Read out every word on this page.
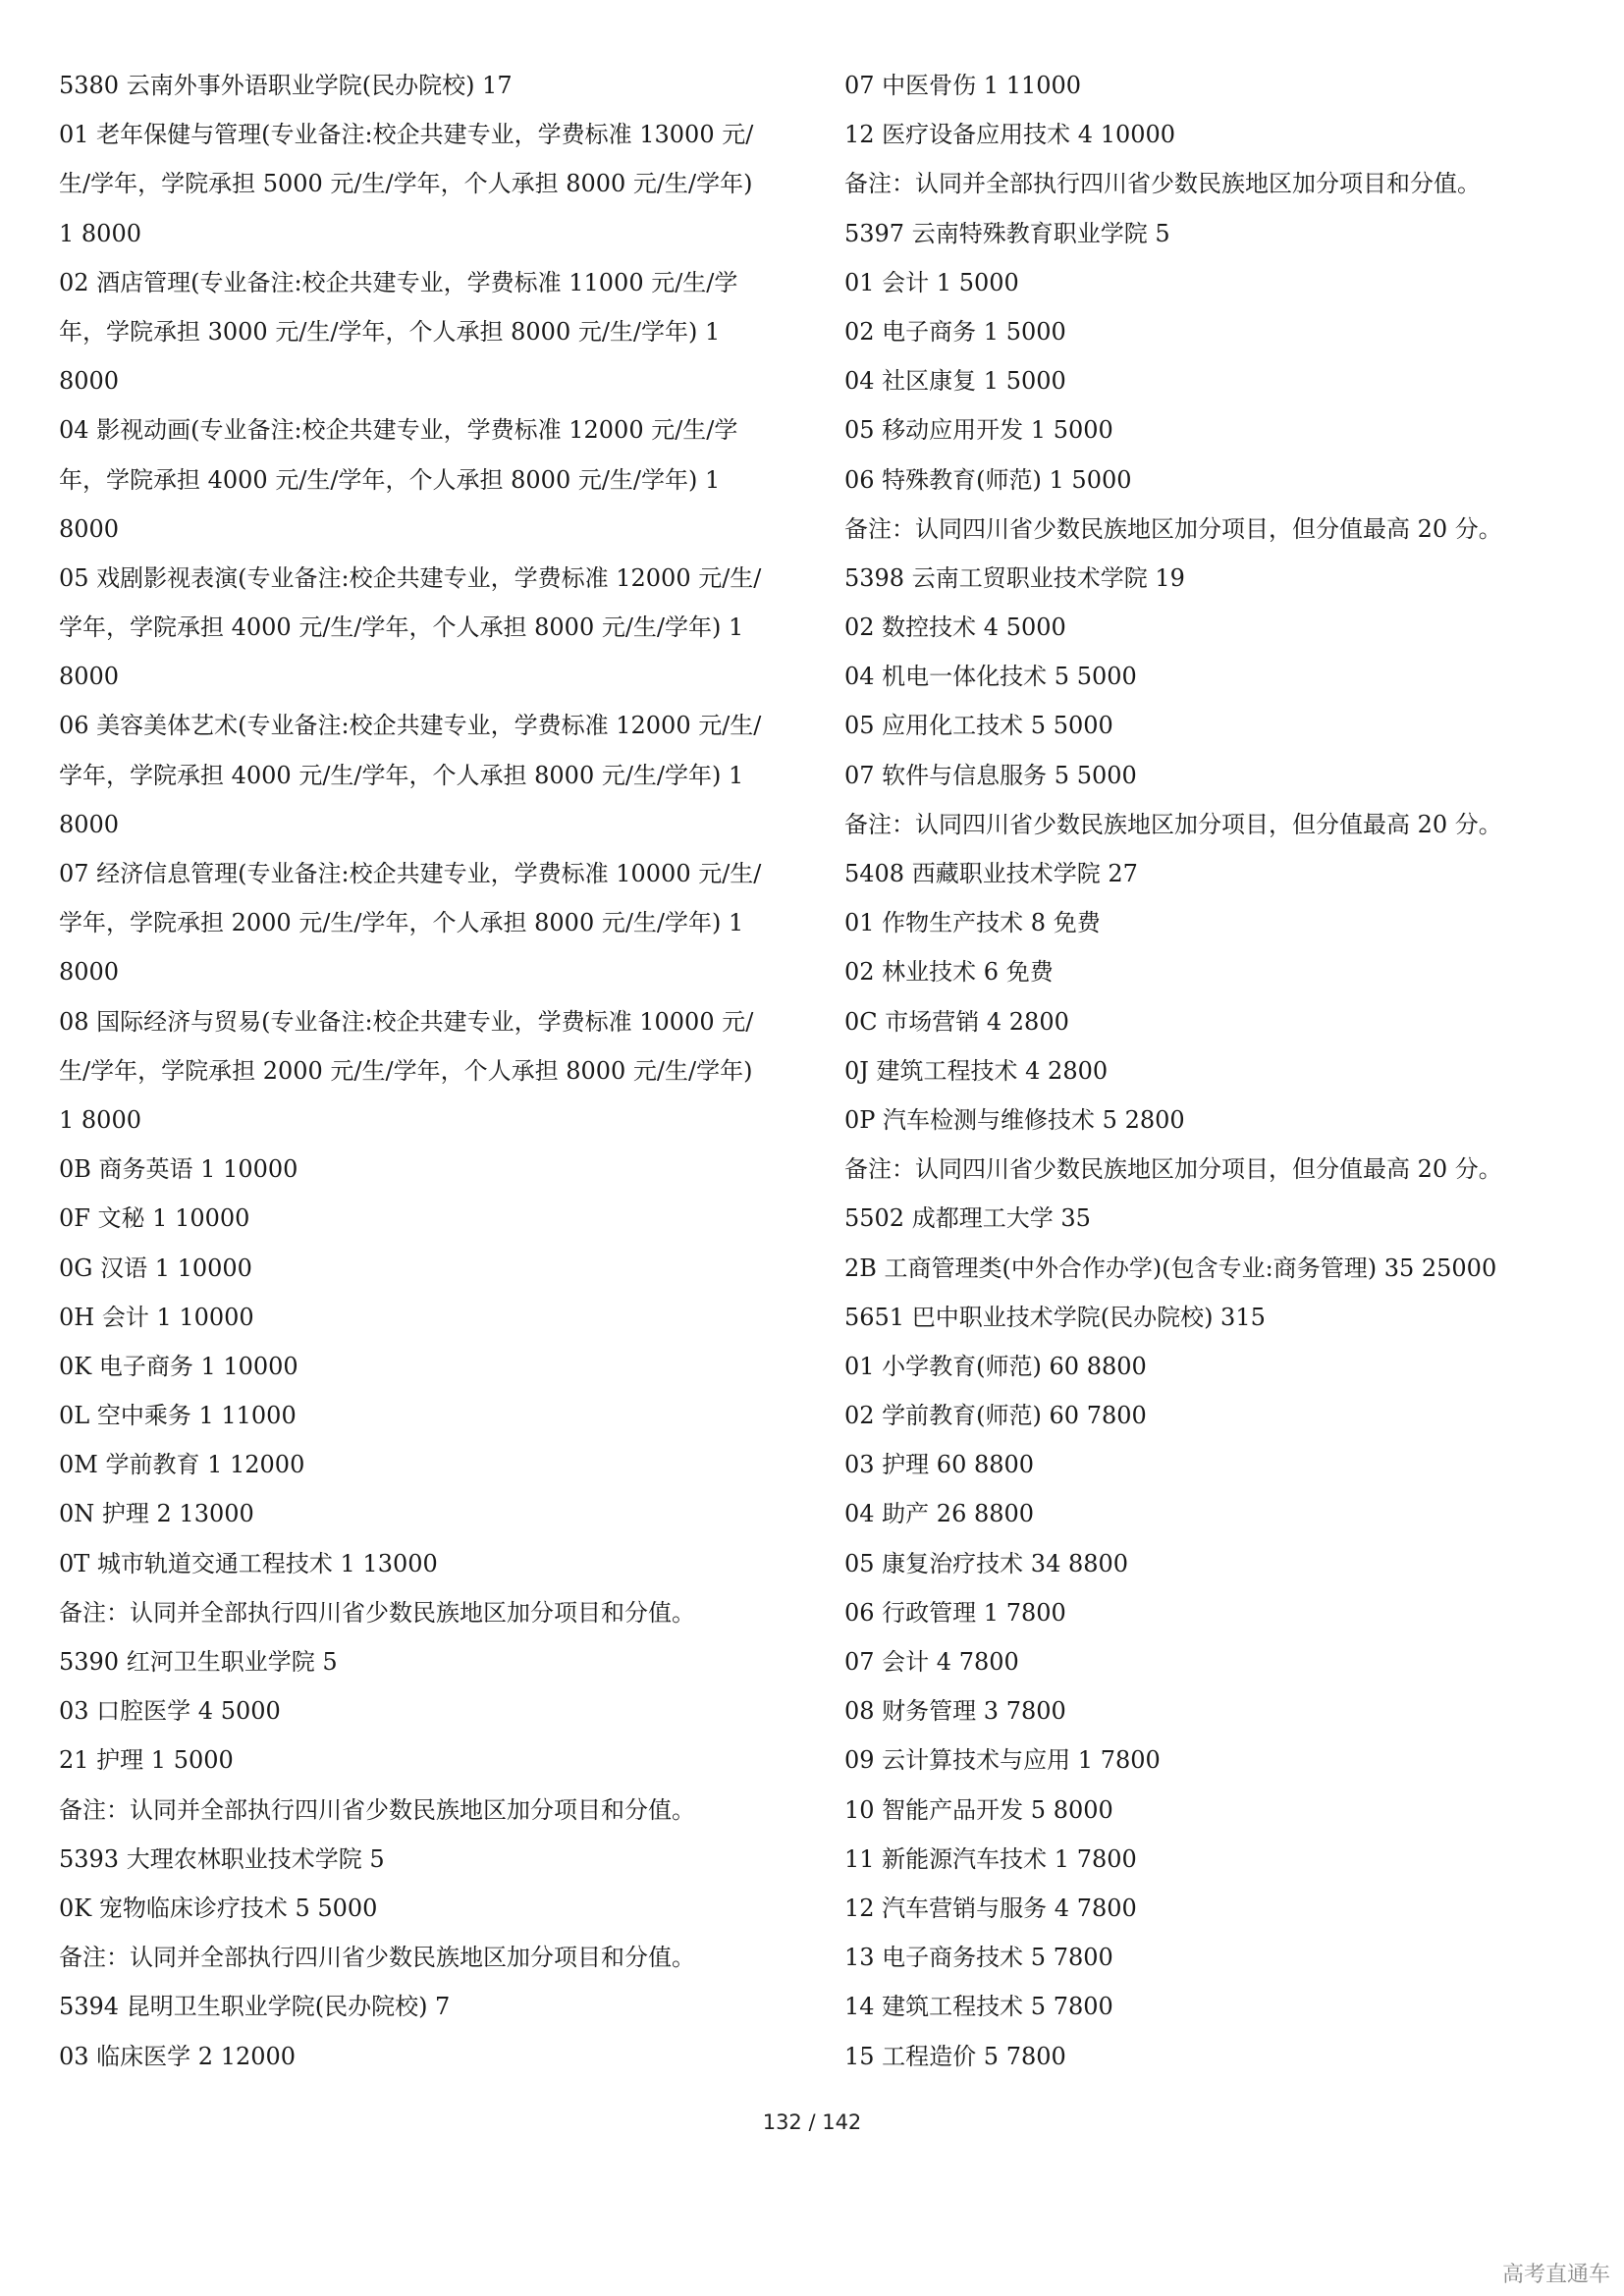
5380 云南外事外语职业学院(民办院校) 17
01 老年保健与管理(专业备注:校企共建专业，学费标准 13000 元/
生/学年，学院承担 5000 元/生/学年，个人承担 8000 元/生/学年)
1 8000
02 酒店管理(专业备注:校企共建专业，学费标准 11000 元/生/学
年，学院承担 3000 元/生/学年，个人承担 8000 元/生/学年) 1
8000
04 影视动画(专业备注:校企共建专业，学费标准 12000 元/生/学
年，学院承担 4000 元/生/学年，个人承担 8000 元/生/学年) 1
8000
05 戏剧影视表演(专业备注:校企共建专业，学费标准 12000 元/生/
学年，学院承担 4000 元/生/学年，个人承担 8000 元/生/学年) 1
8000
06 美容美体艺术(专业备注:校企共建专业，学费标准 12000 元/生/
学年，学院承担 4000 元/生/学年，个人承担 8000 元/生/学年) 1
8000
07 经济信息管理(专业备注:校企共建专业，学费标准 10000 元/生/
学年，学院承担 2000 元/生/学年，个人承担 8000 元/生/学年) 1
8000
08 国际经济与贸易(专业备注:校企共建专业，学费标准 10000 元/
生/学年，学院承担 2000 元/生/学年，个人承担 8000 元/生/学年)
1 8000
0B 商务英语 1 10000
0F 文秘 1 10000
0G 汉语 1 10000
0H 会计 1 10000
0K 电子商务 1 10000
0L 空中乘务 1 11000
0M 学前教育 1 12000
0N 护理 2 13000
0T 城市轨道交通工程技术 1 13000
备注：认同并全部执行四川省少数民族地区加分项目和分值。
5390 红河卫生职业学院 5
03 口腔医学 4 5000
21 护理 1 5000
备注：认同并全部执行四川省少数民族地区加分项目和分值。
5393 大理农林职业技术学院 5
0K 宠物临床诊疗技术 5 5000
备注：认同并全部执行四川省少数民族地区加分项目和分值。
5394 昆明卫生职业学院(民办院校) 7
03 临床医学 2 12000
07 中医骨伤 1 11000
12 医疗设备应用技术 4 10000
备注：认同并全部执行四川省少数民族地区加分项目和分值。
5397 云南特殊教育职业学院 5
01 会计 1 5000
02 电子商务 1 5000
04 社区康复 1 5000
05 移动应用开发 1 5000
06 特殊教育(师范) 1 5000
备注：认同四川省少数民族地区加分项目，但分值最高 20 分。
5398 云南工贸职业技术学院 19
02 数控技术 4 5000
04 机电一体化技术 5 5000
05 应用化工技术 5 5000
07 软件与信息服务 5 5000
备注：认同四川省少数民族地区加分项目，但分值最高 20 分。
5408 西藏职业技术学院 27
01 作物生产技术 8 免费
02 林业技术 6 免费
0C 市场营销 4 2800
0J 建筑工程技术 4 2800
0P 汽车检测与维修技术 5 2800
备注：认同四川省少数民族地区加分项目，但分值最高 20 分。
5502 成都理工大学 35
2B 工商管理类(中外合作办学)(包含专业:商务管理) 35 25000
5651 巴中职业技术学院(民办院校) 315
01 小学教育(师范) 60 8800
02 学前教育(师范) 60 7800
03 护理 60 8800
04 助产 26 8800
05 康复治疗技术 34 8800
06 行政管理 1 7800
07 会计 4 7800
08 财务管理 3 7800
09 云计算技术与应用 1 7800
10 智能产品开发 5 8000
11 新能源汽车技术 1 7800
12 汽车营销与服务 4 7800
13 电子商务技术 5 7800
14 建筑工程技术 5 7800
15 工程造价 5 7800
132 / 142
高考直通车
